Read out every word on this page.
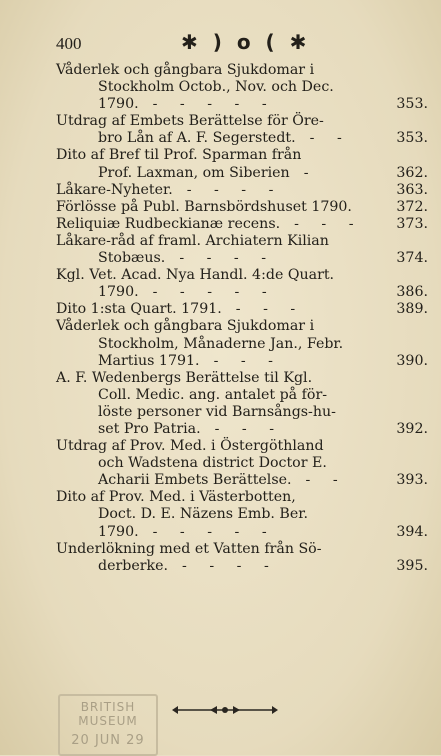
400	✱ ) o ( ✱
Våderlek och gångbara Sjukdomar i
Stockholm Octob., Nov. och Dec.
1790. - - - - -	353.
Utdrag af Embets Berättelse för Öre-
bro Lån af A. F. Segerstedt. - -	353.
Dito af Bref til Prof. Sparman från
Prof. Laxman, om Siberien -	362.
Låkare-Nyheter. - - - -	363.
Förlösse på Publ. Barnsbördshuset 1790.	372.
Reliquiæ Rudbeckianæ recens. - - - 373.
Låkare-råd af framl. Archiatern Kilian
Stobæus. - - - -	374.
Kgl. Vet. Acad. Nya Handl. 4:de Quart.
1790. - - - - -	386.
Dito 1:sta Quart. 1791. - - -	389.
Våderlek och gångbara Sjukdomar i
Stockholm, Månaderne Jan., Febr.
Martius 1791. - - -	390.
A. F. Wedenbergs Berättelse til Kgl.
Coll. Medic. ang. antalet på för-
löste personer vid Barnsångs-hu-
set Pro Patria. - - -	392.
Utdrag af Prov. Med. i Östergöthland
och Wadstena district Doctor E.
Acharii Embets Berättelse. - -	393.
Dito af Prov. Med. i Västerbotten,
Doct. D. E. Näzens Emb. Ber.
1790. - - - - -	394.
Underlökning med et Vatten från Sö-
derberke. - - - -	395.
BRITISH
MUSEUM
20 JUN 29
